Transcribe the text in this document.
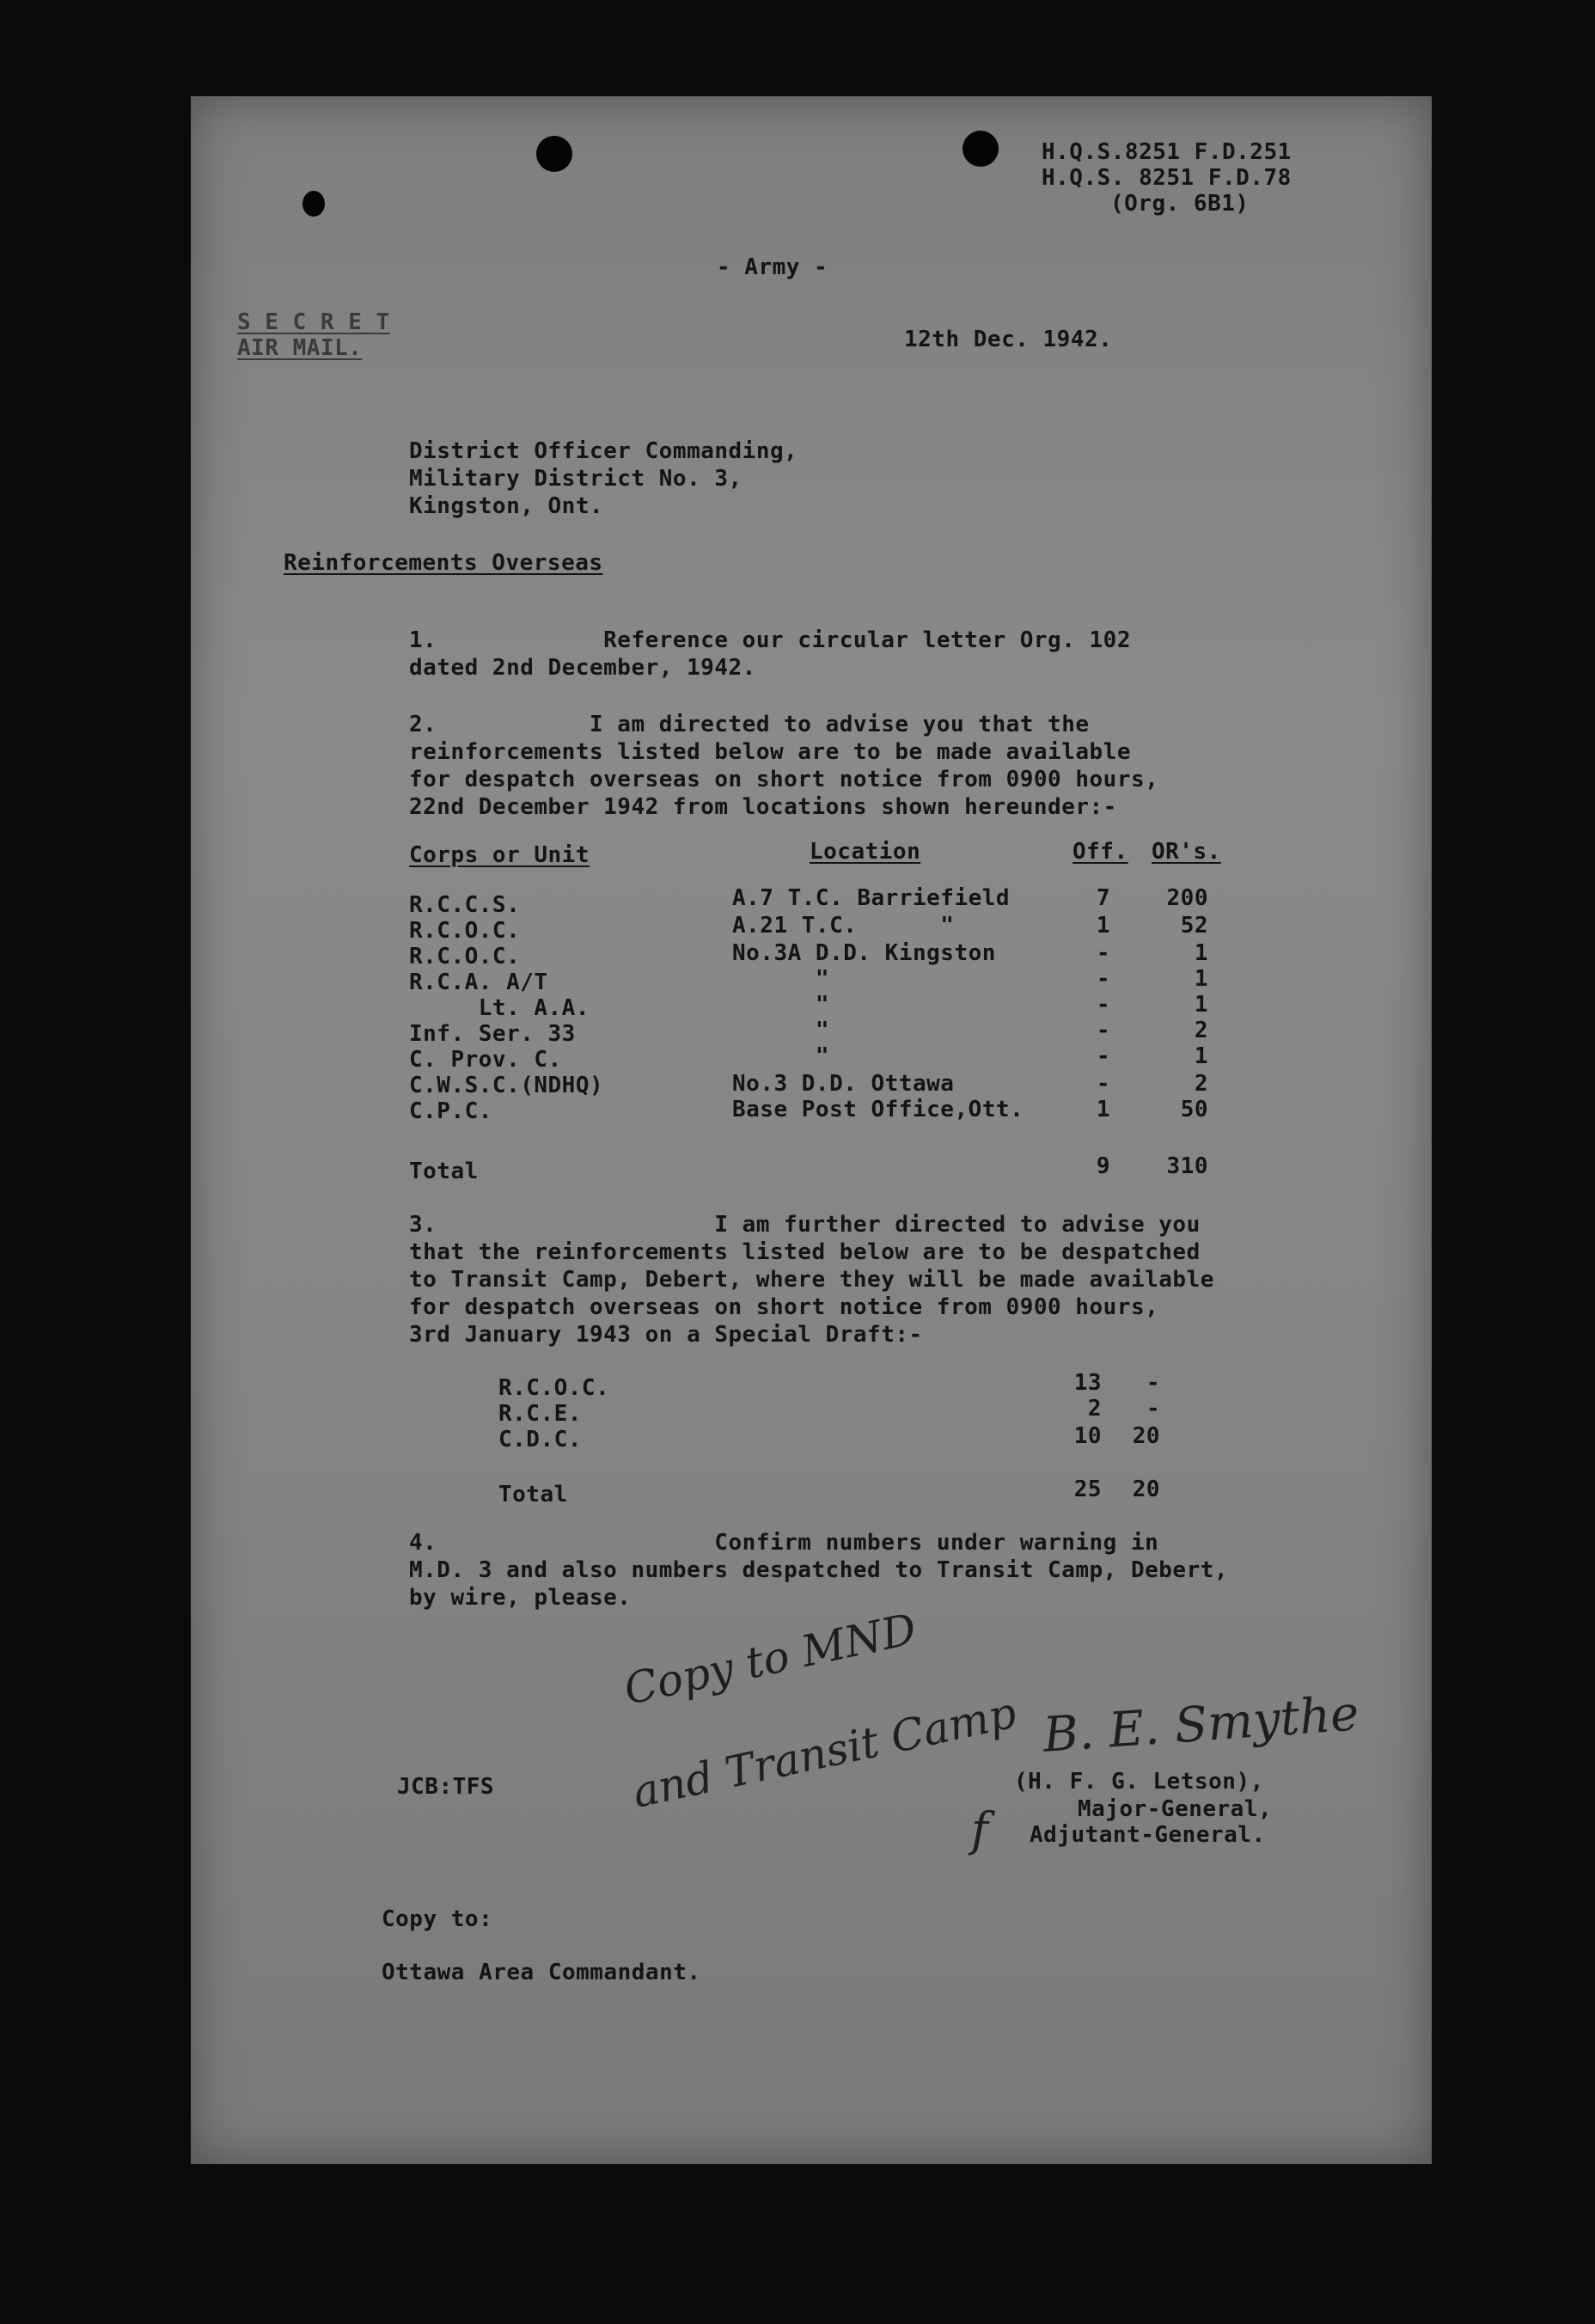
H.Q.S.8251 F.D.251
H.Q.S. 8251 F.D.78
(Org. 6B1)
- Army -
S E C R E T
AIR MAIL.	12th Dec. 1942.
District Officer Commanding,
Military District No. 3,
Kingston, Ont.
Reinforcements Overseas
1.            Reference our circular letter Org. 102
dated 2nd December, 1942.
2.           I am directed to advise you that the
reinforcements listed below are to be made available
for despatch overseas on short notice from 0900 hours,
22nd December 1942 from locations shown hereunder:-
Corps or Unit	Location	Off. OR's.
R.C.C.S.	A.7 T.C. Barriefield	7	200
R.C.O.C.	A.21 T.C.      "	1	52
R.C.O.C.	No.3A D.D. Kingston	-	1
R.C.A. A/T	"	-	1
Lt. A.A.	"	-	1
Inf. Ser. 33	"	-	2
C. Prov. C.	"	-	1
C.W.S.C.(NDHQ)	No.3 D.D. Ottawa	-	2
C.P.C.	Base Post Office,Ott.	1	50
Total	9	310
3.                    I am further directed to advise you
that the reinforcements listed below are to be despatched
to Transit Camp, Debert, where they will be made available
for despatch overseas on short notice from 0900 hours,
3rd January 1943 on a Special Draft:-
R.C.O.C.	13	-
R.C.E.	2	-
C.D.C.	10	20
Total	25	20
4.                    Confirm numbers under warning in
M.D. 3 and also numbers despatched to Transit Camp, Debert,
by wire, please.
Copy to MND
and Transit Camp B. E. Smythe
f
JCB:TFS	(H. F. G. Letson),
Major-General,
Adjutant-General.
Copy to:
Ottawa Area Commandant.
